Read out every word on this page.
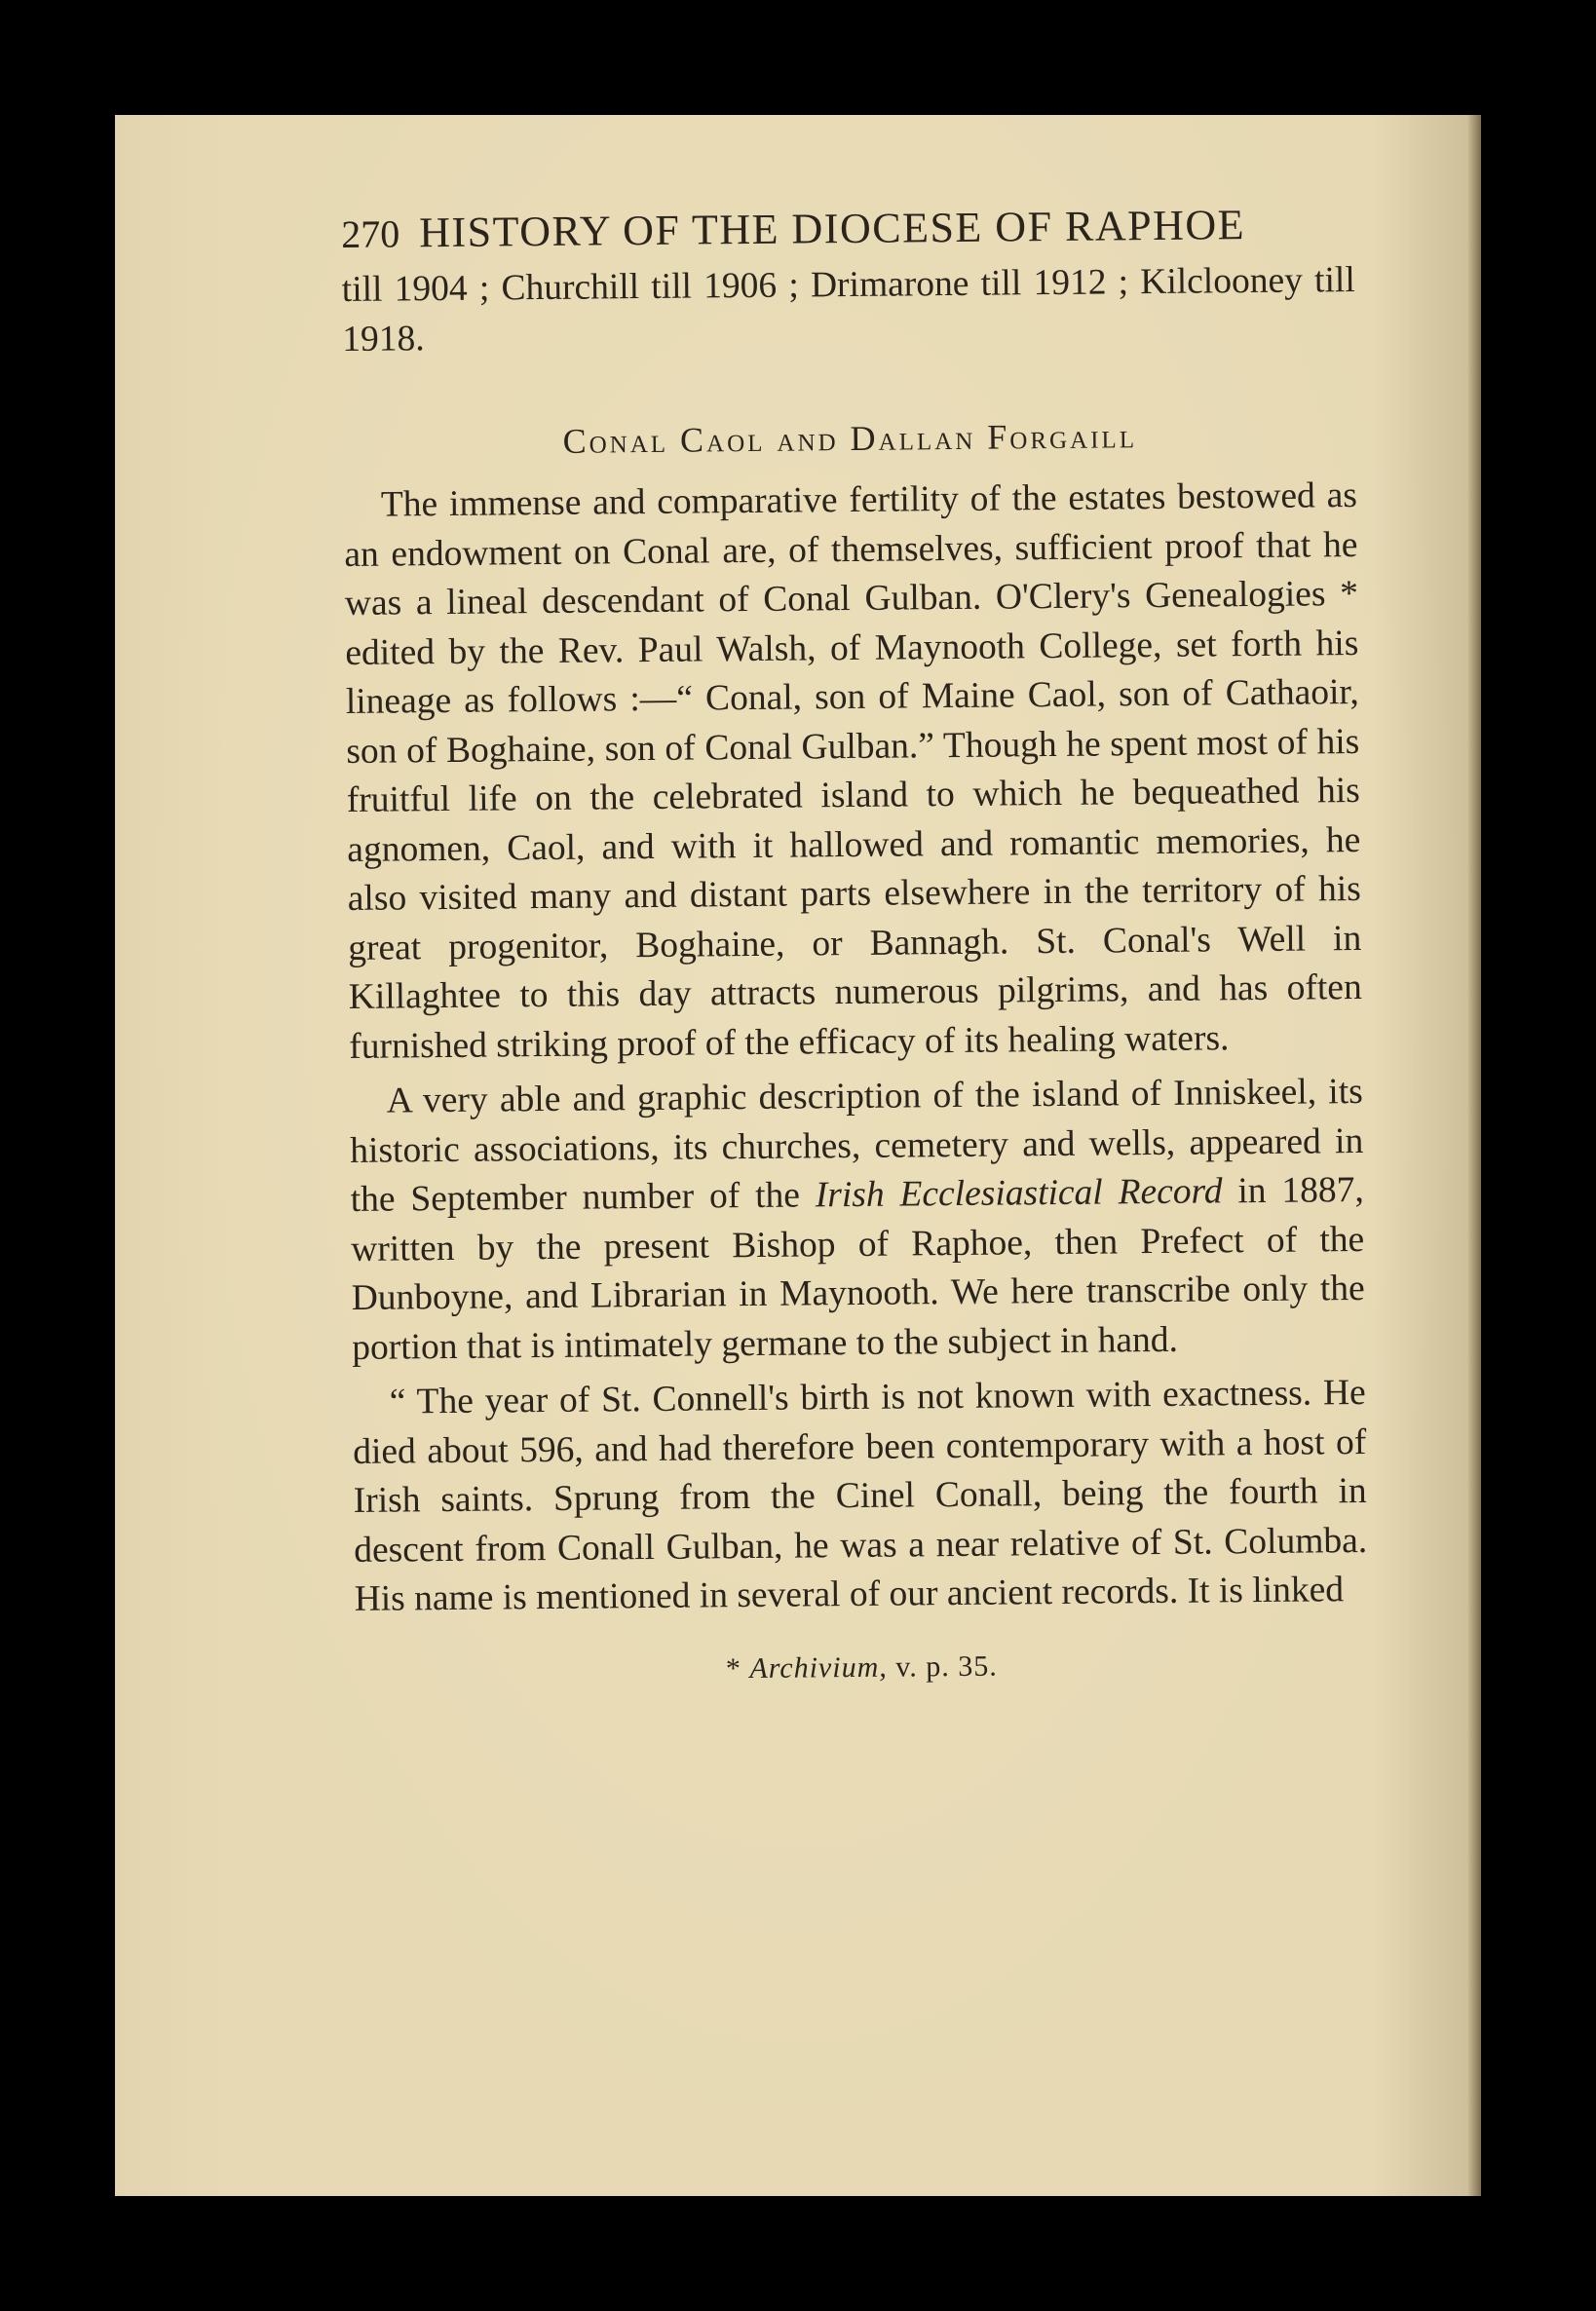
270 HISTORY OF THE DIOCESE OF RAPHOE

till 1904 ; Churchill till 1906 ; Drimarone till 1912 ; Kilclooney till 1918.

Conal Caol and Dallan Forgaill

The immense and comparative fertility of the estates bestowed as an endowment on Conal are, of themselves, sufficient proof that he was a lineal descendant of Conal Gulban. O'Clery's Genealogies * edited by the Rev. Paul Walsh, of Maynooth College, set forth his lineage as follows :—“ Conal, son of Maine Caol, son of Cathaoir, son of Boghaine, son of Conal Gulban.” Though he spent most of his fruitful life on the celebrated island to which he bequeathed his agnomen, Caol, and with it hallowed and romantic memories, he also visited many and distant parts elsewhere in the territory of his great progenitor, Boghaine, or Bannagh. St. Conal's Well in Killaghtee to this day attracts numerous pilgrims, and has often furnished striking proof of the efficacy of its healing waters.

A very able and graphic description of the island of Inniskeel, its historic associations, its churches, cemetery and wells, appeared in the September number of the Irish Ecclesiastical Record in 1887, written by the present Bishop of Raphoe, then Prefect of the Dunboyne, and Librarian in Maynooth. We here transcribe only the portion that is intimately germane to the subject in hand.

“ The year of St. Connell's birth is not known with exactness. He died about 596, and had therefore been contemporary with a host of Irish saints. Sprung from the Cinel Conall, being the fourth in descent from Conall Gulban, he was a near relative of St. Columba. His name is mentioned in several of our ancient records. It is linked

* Archivium, v. p. 35.
